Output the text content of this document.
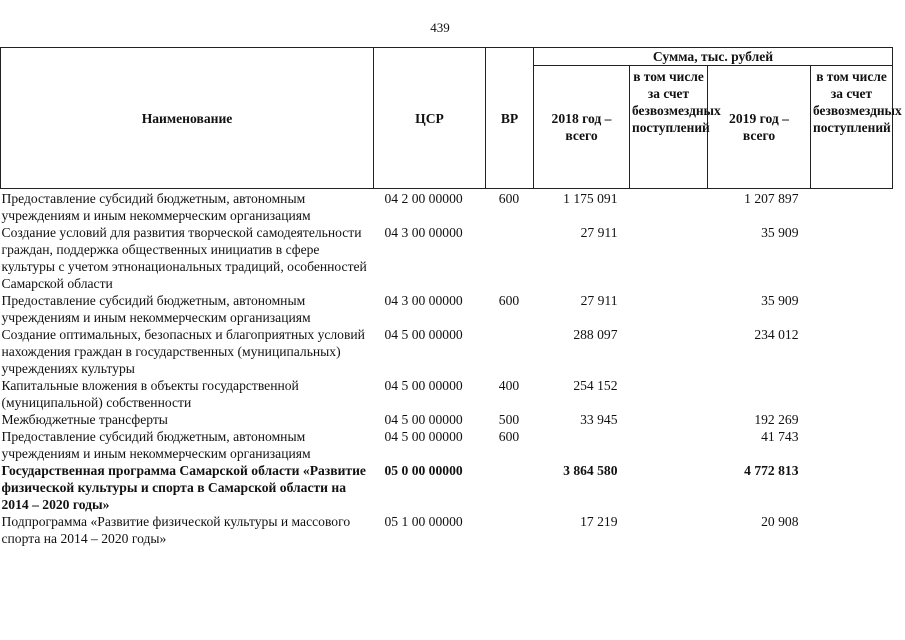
439
Наименование	ЦСР	ВР	Сумма, тыс. рублей			
			2018 год – всего	в том числе за счет безвозмездных поступлений	2019 год – всего	в том числе за счет безвозмездных поступлений
Предоставление субсидий бюджетным, автономным учреждениям и иным некоммерческим организациям	04 2 00 00000	600	1 175 091		1 207 897	
Создание условий для развития творческой самодеятельности граждан, поддержка общественных инициатив в сфере культуры с учетом этнонациональных традиций, особенностей Самарской области	04 3 00 00000		27 911		35 909	
Предоставление субсидий бюджетным, автономным учреждениям и иным некоммерческим организациям	04 3 00 00000	600	27 911		35 909	
Создание оптимальных, безопасных и благоприятных условий нахождения граждан в государственных (муниципальных) учреждениях культуры	04 5 00 00000		288 097		234 012	
Капитальные вложения в объекты государственной (муниципальной) собственности	04 5 00 00000	400	254 152			
Межбюджетные трансферты	04 5 00 00000	500	33 945		192 269	
Предоставление субсидий бюджетным, автономным учреждениям и иным некоммерческим организациям	04 5 00 00000	600			41 743	
Государственная программа Самарской области «Развитие физической культуры и спорта в Самарской области на 2014 – 2020 годы»	05 0 00 00000		3 864 580		4 772 813	
Подпрограмма «Развитие физической культуры и массового спорта на 2014 – 2020 годы»	05 1 00 00000		17 219		20 908	
